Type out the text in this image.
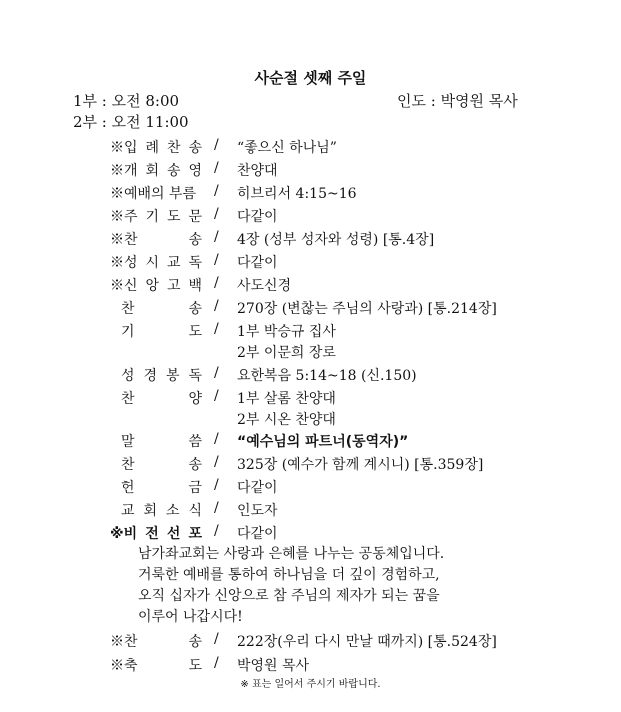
사순절 셋째 주일
1부 : 오전 8:00
2부 : 오전 11:00
인도 : 박영원 목사
※입 례 찬 송 / “좋으신 하나님”
※개 회 송 영 / 찬양대
※예배의 부름 / 히브리서 4:15~16
※주 기 도 문 / 다같이
※찬	송 / 4장 (성부 성자와 성령) [통.4장]
※성 시 교 독 / 다같이
※신 앙 고 백 / 사도신경
찬	송 / 270장 (변찮는 주님의 사랑과) [통.214장]
기	도 / 1부 박승규 집사
2부 이문희 장로
성 경 봉 독 / 요한복음 5:14~18 (신.150)
찬	양 / 1부 살롬 찬양대
2부 시온 찬양대
말	씀 / “예수님의 파트너(동역자)”
찬	송 / 325장 (예수가 함께 계시니) [통.359장]
헌	금 / 다같이
교 회 소 식 / 인도자
※비 전 선 포 / 다같이
※찬	송 / 222장(우리 다시 만날 때까지) [통.524장]
※축	도 / 박영원 목사
남가좌교회는 사랑과 은혜를 나누는 공동체입니다.
거룩한 예배를 통하여 하나님을 더 깊이 경험하고,
오직 십자가 신앙으로 참 주님의 제자가 되는 꿈을
이루어 나갑시다!
※ 표는 일어서 주시기 바랍니다.
